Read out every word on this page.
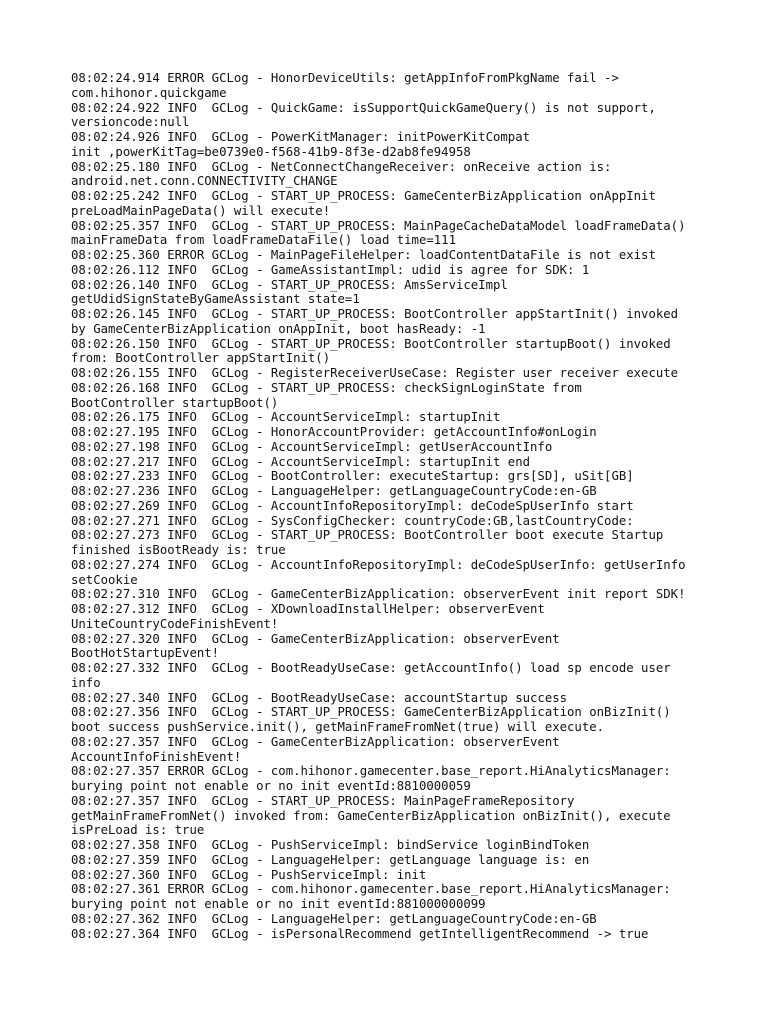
08:02:24.914 ERROR GCLog - HonorDeviceUtils: getAppInfoFromPkgName fail ->
com.hihonor.quickgame
08:02:24.922 INFO  GCLog - QuickGame: isSupportQuickGameQuery() is not support,
versioncode:null
08:02:24.926 INFO  GCLog - PowerKitManager: initPowerKitCompat
init ,powerKitTag=be0739e0-f568-41b9-8f3e-d2ab8fe94958
08:02:25.180 INFO  GCLog - NetConnectChangeReceiver: onReceive action is:
android.net.conn.CONNECTIVITY_CHANGE
08:02:25.242 INFO  GCLog - START_UP_PROCESS: GameCenterBizApplication onAppInit
preLoadMainPageData() will execute!
08:02:25.357 INFO  GCLog - START_UP_PROCESS: MainPageCacheDataModel loadFrameData()
mainFrameData from loadFrameDataFile() load time=111
08:02:25.360 ERROR GCLog - MainPageFileHelper: loadContentDataFile is not exist
08:02:26.112 INFO  GCLog - GameAssistantImpl: udid is agree for SDK: 1
08:02:26.140 INFO  GCLog - START_UP_PROCESS: AmsServiceImpl
getUdidSignStateByGameAssistant state=1
08:02:26.145 INFO  GCLog - START_UP_PROCESS: BootController appStartInit() invoked
by GameCenterBizApplication onAppInit, boot hasReady: -1
08:02:26.150 INFO  GCLog - START_UP_PROCESS: BootController startupBoot() invoked
from: BootController appStartInit()
08:02:26.155 INFO  GCLog - RegisterReceiverUseCase: Register user receiver execute
08:02:26.168 INFO  GCLog - START_UP_PROCESS: checkSignLoginState from
BootController startupBoot()
08:02:26.175 INFO  GCLog - AccountServiceImpl: startupInit
08:02:27.195 INFO  GCLog - HonorAccountProvider: getAccountInfo#onLogin
08:02:27.198 INFO  GCLog - AccountServiceImpl: getUserAccountInfo
08:02:27.217 INFO  GCLog - AccountServiceImpl: startupInit end
08:02:27.233 INFO  GCLog - BootController: executeStartup: grs[SD], uSit[GB]
08:02:27.236 INFO  GCLog - LanguageHelper: getLanguageCountryCode:en-GB
08:02:27.269 INFO  GCLog - AccountInfoRepositoryImpl: deCodeSpUserInfo start
08:02:27.271 INFO  GCLog - SysConfigChecker: countryCode:GB,lastCountryCode:
08:02:27.273 INFO  GCLog - START_UP_PROCESS: BootController boot execute Startup
finished isBootReady is: true
08:02:27.274 INFO  GCLog - AccountInfoRepositoryImpl: deCodeSpUserInfo: getUserInfo
setCookie
08:02:27.310 INFO  GCLog - GameCenterBizApplication: observerEvent init report SDK!
08:02:27.312 INFO  GCLog - XDownloadInstallHelper: observerEvent
UniteCountryCodeFinishEvent!
08:02:27.320 INFO  GCLog - GameCenterBizApplication: observerEvent
BootHotStartupEvent!
08:02:27.332 INFO  GCLog - BootReadyUseCase: getAccountInfo() load sp encode user
info
08:02:27.340 INFO  GCLog - BootReadyUseCase: accountStartup success
08:02:27.356 INFO  GCLog - START_UP_PROCESS: GameCenterBizApplication onBizInit()
boot success pushService.init(), getMainFrameFromNet(true) will execute.
08:02:27.357 INFO  GCLog - GameCenterBizApplication: observerEvent
AccountInfoFinishEvent!
08:02:27.357 ERROR GCLog - com.hihonor.gamecenter.base_report.HiAnalyticsManager:
burying point not enable or no init eventId:8810000059
08:02:27.357 INFO  GCLog - START_UP_PROCESS: MainPageFrameRepository
getMainFrameFromNet() invoked from: GameCenterBizApplication onBizInit(), execute
isPreLoad is: true
08:02:27.358 INFO  GCLog - PushServiceImpl: bindService loginBindToken
08:02:27.359 INFO  GCLog - LanguageHelper: getLanguage language is: en
08:02:27.360 INFO  GCLog - PushServiceImpl: init
08:02:27.361 ERROR GCLog - com.hihonor.gamecenter.base_report.HiAnalyticsManager:
burying point not enable or no init eventId:881000000099
08:02:27.362 INFO  GCLog - LanguageHelper: getLanguageCountryCode:en-GB
08:02:27.364 INFO  GCLog - isPersonalRecommend getIntelligentRecommend -> true
